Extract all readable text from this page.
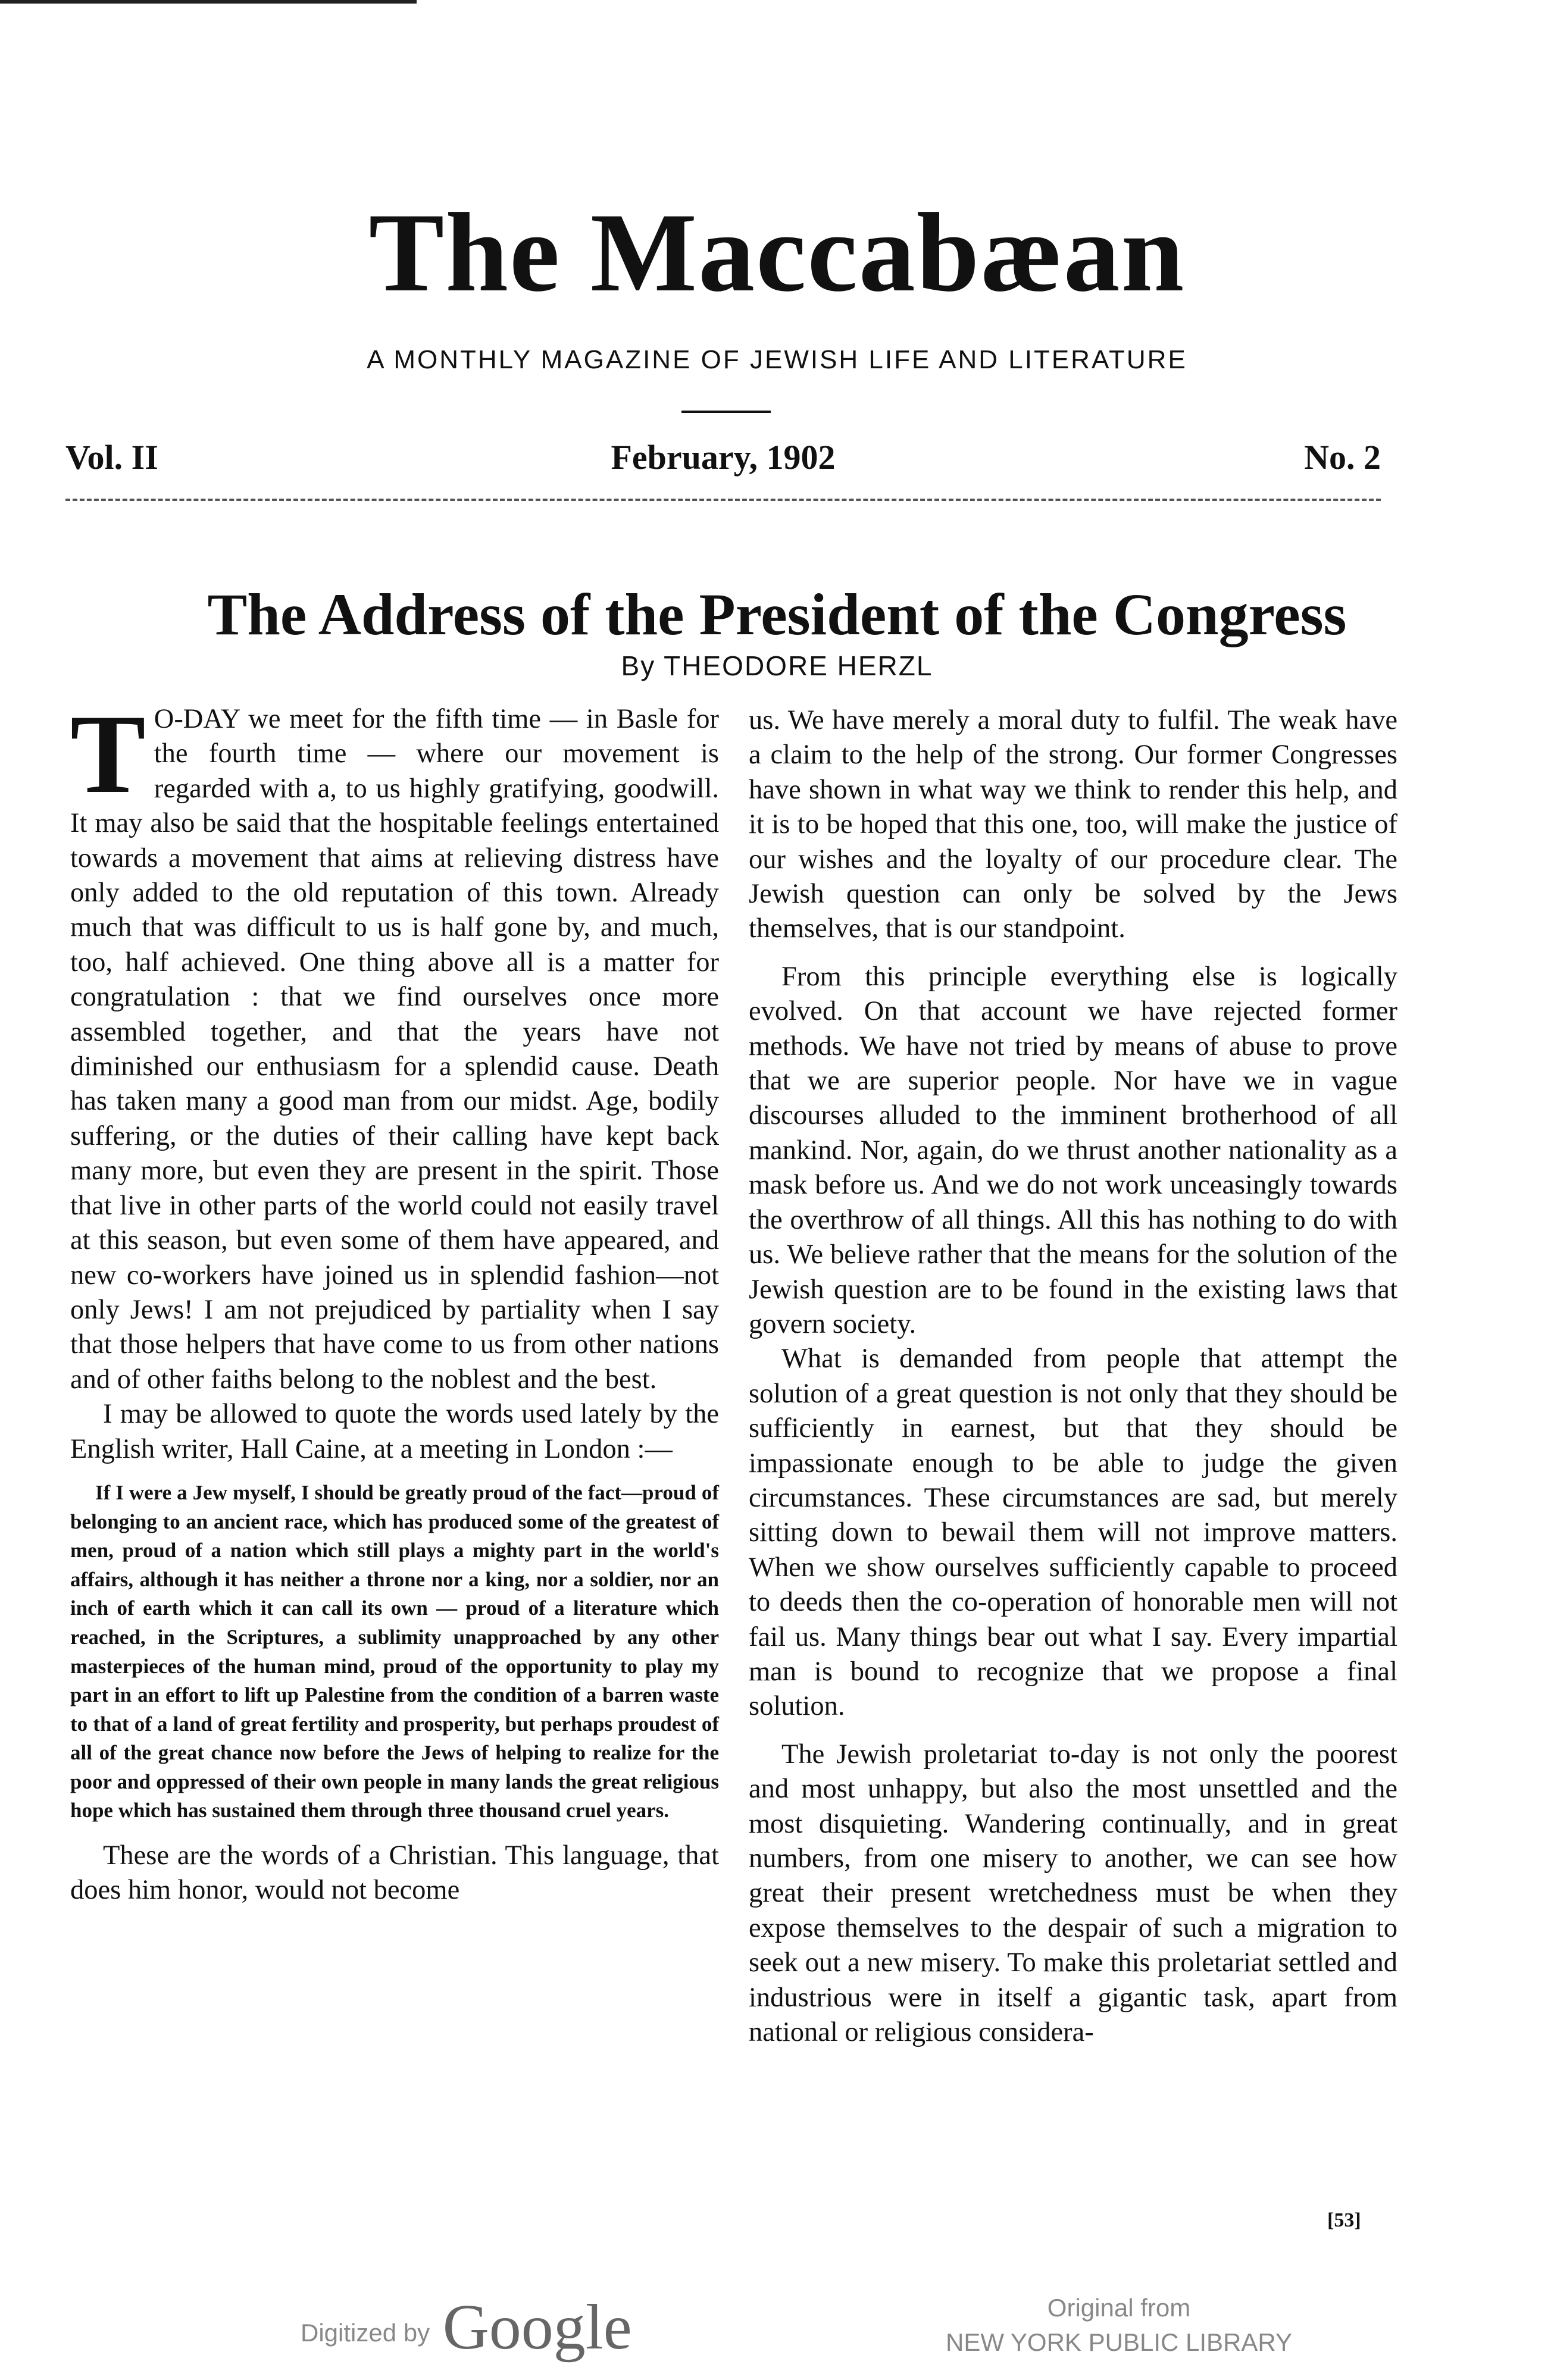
The Maccabæan
A MONTHLY MAGAZINE OF JEWISH LIFE AND LITERATURE
Vol. II	February, 1902	No. 2
The Address of the President of the Congress
By THEODORE HERZL

T O-DAY we meet for the fifth time — in Basle for the fourth time — where our movement is regarded with a, to us highly gratifying, goodwill. It may also be said that the hospitable feelings entertained towards a movement that aims at relieving distress have only added to the old reputation of this town. Already much that was difficult to us is half gone by, and much, too, half achieved. One thing above all is a matter for congratulation : that we find ourselves once more assembled together, and that the years have not diminished our enthusiasm for a splendid cause. Death has taken many a good man from our midst. Age, bodily suffering, or the duties of their calling have kept back many more, but even they are present in the spirit. Those that live in other parts of the world could not easily travel at this season, but even some of them have appeared, and new co-workers have joined us in splendid fashion—not only Jews! I am not prejudiced by partiality when I say that those helpers that have come to us from other nations and of other faiths belong to the noblest and the best.

I may be allowed to quote the words used lately by the English writer, Hall Caine, at a meeting in London :—

If I were a Jew myself, I should be greatly proud of the fact—proud of belonging to an ancient race, which has produced some of the greatest of men, proud of a nation which still plays a mighty part in the world's affairs, although it has neither a throne nor a king, nor a soldier, nor an inch of earth which it can call its own — proud of a literature which reached, in the Scriptures, a sublimity unapproached by any other masterpieces of the human mind, proud of the opportunity to play my part in an effort to lift up Palestine from the condition of a barren waste to that of a land of great fertility and prosperity, but perhaps proudest of all of the great chance now before the Jews of helping to realize for the poor and oppressed of their own people in many lands the great religious hope which has sustained them through three thousand cruel years.

These are the words of a Christian. This language, that does him honor, would not become

us. We have merely a moral duty to fulfil. The weak have a claim to the help of the strong. Our former Congresses have shown in what way we think to render this help, and it is to be hoped that this one, too, will make the justice of our wishes and the loyalty of our procedure clear. The Jewish question can only be solved by the Jews themselves, that is our standpoint.

From this principle everything else is logically evolved. On that account we have rejected former methods. We have not tried by means of abuse to prove that we are superior people. Nor have we in vague discourses alluded to the imminent brotherhood of all mankind. Nor, again, do we thrust another nationality as a mask before us. And we do not work unceasingly towards the overthrow of all things. All this has nothing to do with us. We believe rather that the means for the solution of the Jewish question are to be found in the existing laws that govern society.

What is demanded from people that attempt the solution of a great question is not only that they should be sufficiently in earnest, but that they should be impassionate enough to be able to judge the given circumstances. These circumstances are sad, but merely sitting down to bewail them will not improve matters. When we show ourselves sufficiently capable to proceed to deeds then the co-operation of honorable men will not fail us. Many things bear out what I say. Every impartial man is bound to recognize that we propose a final solution.

The Jewish proletariat to-day is not only the poorest and most unhappy, but also the most unsettled and the most disquieting. Wandering continually, and in great numbers, from one misery to another, we can see how great their present wretchedness must be when they expose themselves to the despair of such a migration to seek out a new misery. To make this proletariat settled and industrious were in itself a gigantic task, apart from national or religious considera-

[53]
Digitized by Google	Original from
NEW YORK PUBLIC LIBRARY
